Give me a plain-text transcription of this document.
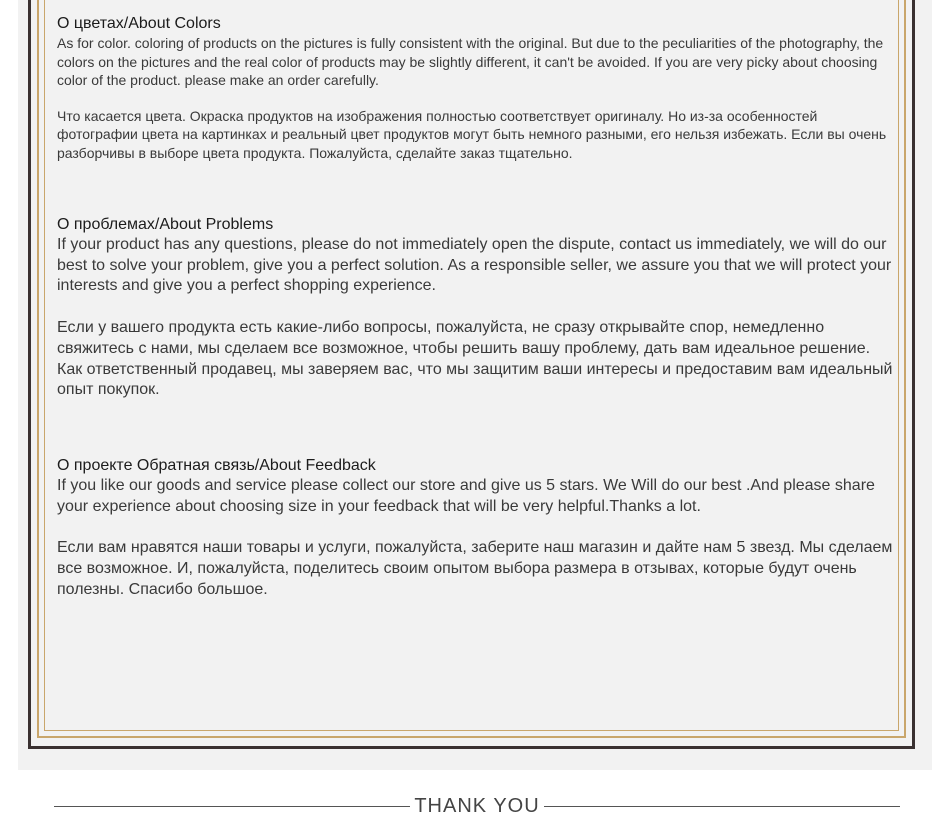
О цветах/About Colors

As for color. coloring of products on the pictures is fully consistent with the original. But due to the peculiarities of the photography, the colors on the pictures and the real color of products may be slightly different, it can't be avoided. If you are very picky about choosing color of the product. please make an order carefully.

Что касается цвета. Окраска продуктов на изображения полностью соответствует оригиналу. Но из-за особенностей фотографии цвета на картинках и реальный цвет продуктов могут быть немного разными, его нельзя избежать. Если вы очень разборчивы в выборе цвета продукта. Пожалуйста, сделайте заказ тщательно.

О проблемах/About Problems

If your product has any questions, please do not immediately open the dispute, contact us immediately, we will do our best to solve your problem, give you a perfect solution. As a responsible seller, we assure you that we will protect your interests and give you a perfect shopping experience.

Если у вашего продукта есть какие-либо вопросы, пожалуйста, не сразу открывайте спор, немедленно свяжитесь с нами, мы сделаем все возможное, чтобы решить вашу проблему, дать вам идеальное решение. Как ответственный продавец, мы заверяем вас, что мы защитим ваши интересы и предоставим вам идеальный опыт покупок.

О проекте Обратная связь/About Feedback

If you like our goods and service please collect our store and give us 5 stars. We Will do our best .And please share your experience about choosing size in your feedback that will be very helpful.Thanks a lot.

Если вам нравятся наши товары и услуги, пожалуйста, заберите наш магазин и дайте нам 5 звезд. Мы сделаем все возможное. И, пожалуйста, поделитесь своим опытом выбора размера в отзывах, которые будут очень полезны. Спасибо большое.

THANK YOU
